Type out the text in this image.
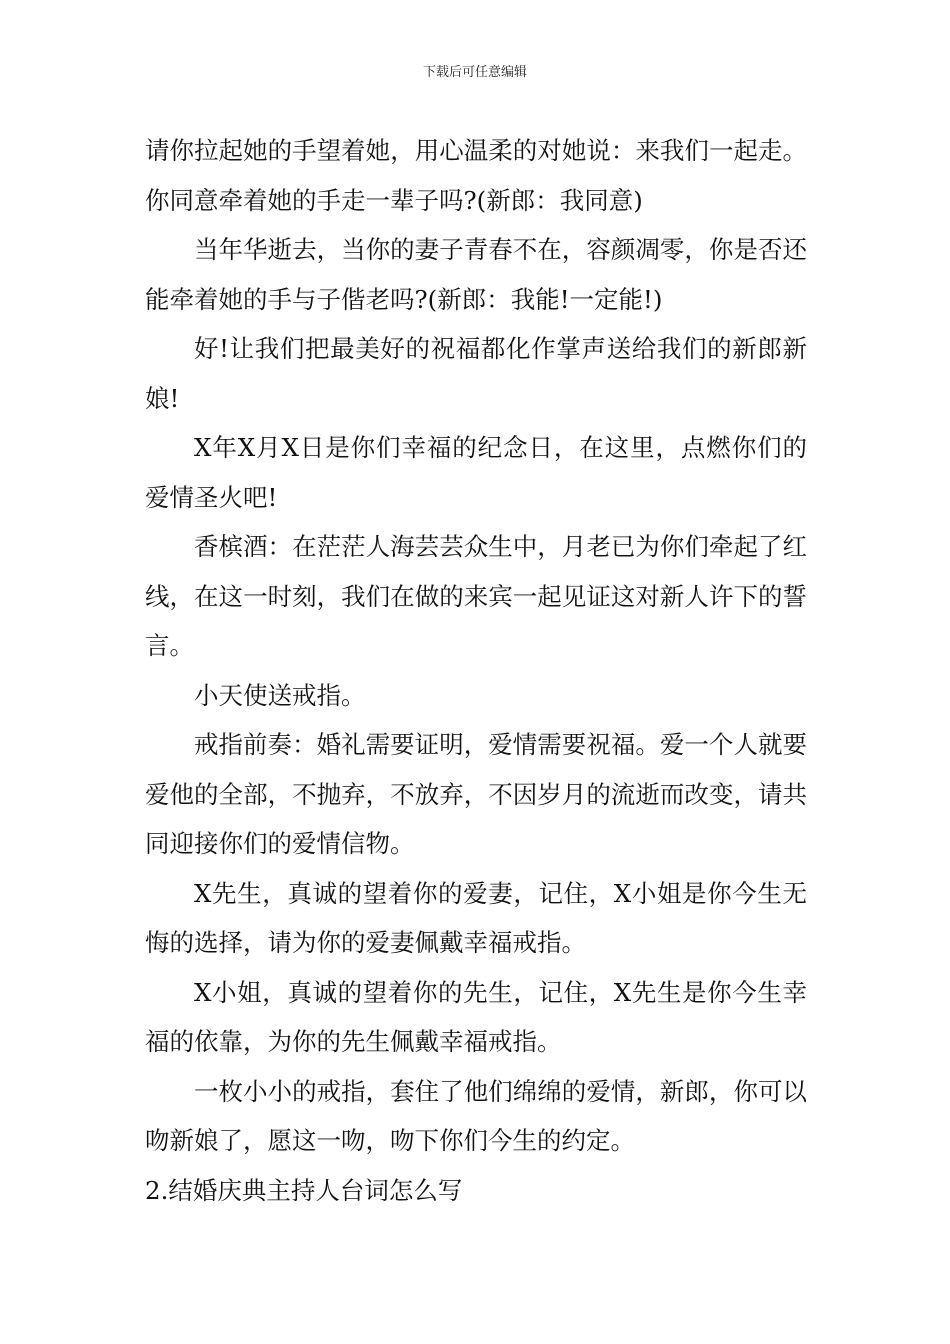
下载后可任意编辑

请你拉起她的手望着她，用心温柔的对她说：来我们一起走。你同意牵着她的手走一辈子吗?(新郎：我同意)

当年华逝去，当你的妻子青春不在，容颜凋零，你是否还能牵着她的手与子偕老吗?(新郎：我能!一定能!)

好!让我们把最美好的祝福都化作掌声送给我们的新郎新娘!

X年X月X日是你们幸福的纪念日，在这里，点燃你们的爱情圣火吧!

香槟酒：在茫茫人海芸芸众生中，月老已为你们牵起了红线，在这一时刻，我们在做的来宾一起见证这对新人许下的誓言。

小天使送戒指。

戒指前奏：婚礼需要证明，爱情需要祝福。爱一个人就要爱他的全部，不抛弃，不放弃，不因岁月的流逝而改变，请共同迎接你们的爱情信物。

X先生，真诚的望着你的爱妻，记住，X小姐是你今生无悔的选择，请为你的爱妻佩戴幸福戒指。

X小姐，真诚的望着你的先生，记住，X先生是你今生幸福的依靠，为你的先生佩戴幸福戒指。

一枚小小的戒指，套住了他们绵绵的爱情，新郎，你可以吻新娘了，愿这一吻，吻下你们今生的约定。

2.结婚庆典主持人台词怎么写
